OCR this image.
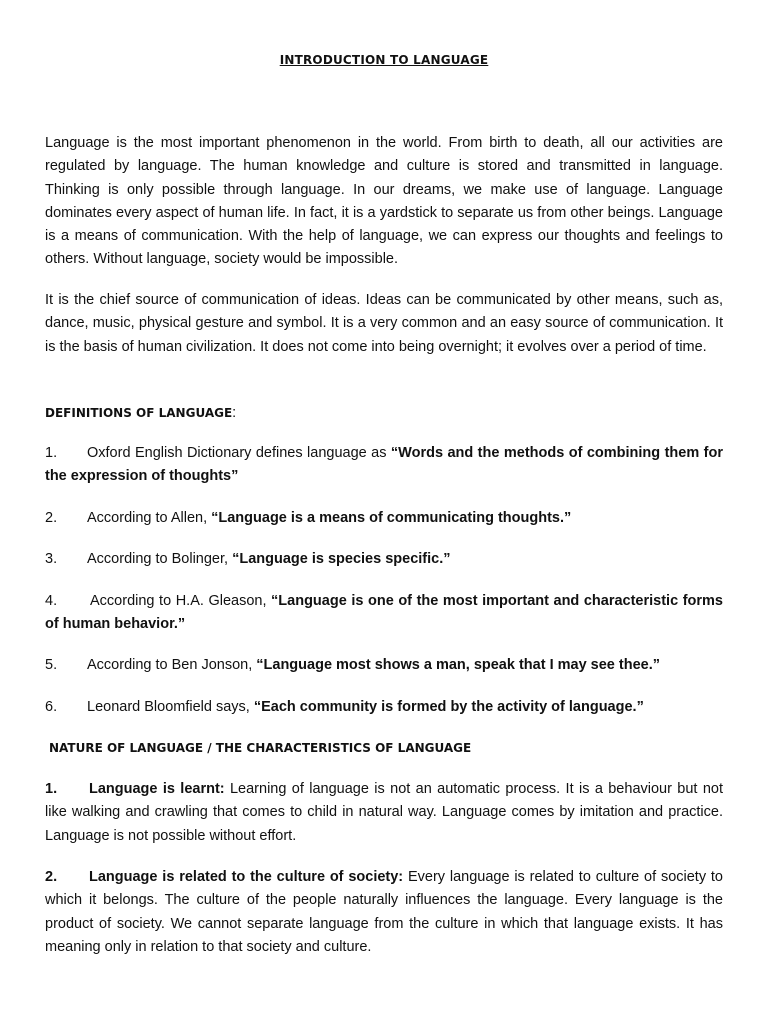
INTRODUCTION TO LANGUAGE

Language is the most important phenomenon in the world. From birth to death, all our activities are regulated by language. The human knowledge and culture is stored and transmitted in language. Thinking is only possible through language. In our dreams, we make use of language. Language dominates every aspect of human life. In fact, it is a yardstick to separate us from other beings. Language is a means of communication. With the help of language, we can express our thoughts and feelings to others. Without language, society would be impossible.

It is the chief source of communication of ideas. Ideas can be communicated by other means, such as, dance, music, physical gesture and symbol. It is a very common and an easy source of communication. It is the basis of human civilization. It does not come into being overnight; it evolves over a period of time.

DEFINITIONS OF LANGUAGE:

1. Oxford English Dictionary defines language as “Words and the methods of combining them for the expression of thoughts”

2. According to Allen, “Language is a means of communicating thoughts.”

3. According to Bolinger, “Language is species specific.”

4. According to H.A. Gleason, “Language is one of the most important and characteristic forms of human behavior.”

5. According to Ben Jonson, “Language most shows a man, speak that I may see thee.”

6. Leonard Bloomfield says, “Each community is formed by the activity of language.”

NATURE OF LANGUAGE / THE CHARACTERISTICS OF LANGUAGE

1. Language is learnt: Learning of language is not an automatic process. It is a behaviour but not like walking and crawling that comes to child in natural way. Language comes by imitation and practice. Language is not possible without effort.

2. Language is related to the culture of society: Every language is related to culture of society to which it belongs. The culture of the people naturally influences the language. Every language is the product of society. We cannot separate language from the culture in which that language exists. It has meaning only in relation to that society and culture.
